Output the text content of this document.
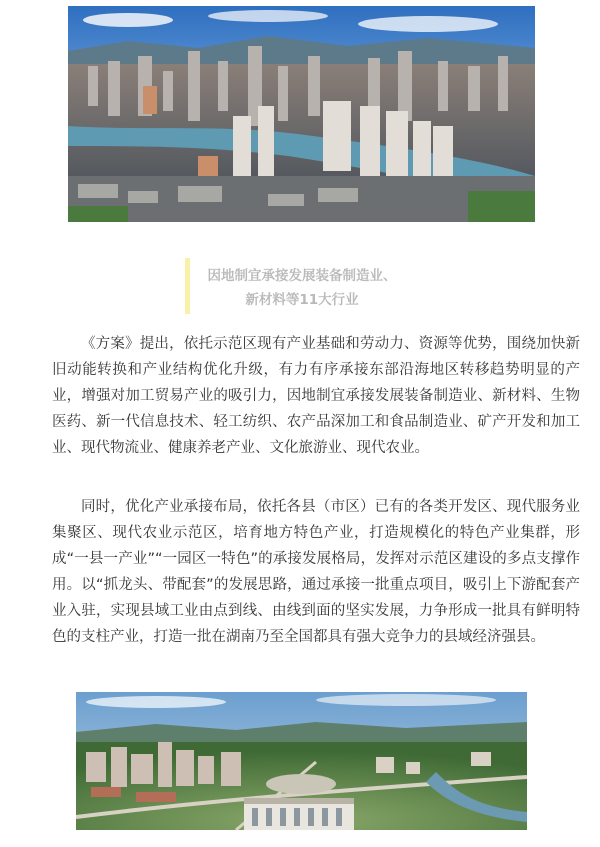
因地制宜承接发展装备制造业、
新材料等11大行业

《方案》提出，依托示范区现有产业基础和劳动力、资源等优势，围绕加快新旧动能转换和产业结构优化升级，有力有序承接东部沿海地区转移趋势明显的产业，增强对加工贸易产业的吸引力，因地制宜承接发展装备制造业、新材料、生物医药、新一代信息技术、轻工纺织、农产品深加工和食品制造业、矿产开发和加工业、现代物流业、健康养老产业、文化旅游业、现代农业。

同时，优化产业承接布局，依托各县（市区）已有的各类开发区、现代服务业集聚区、现代农业示范区，培育地方特色产业，打造规模化的特色产业集群，形成“一县一产业”“一园区一特色”的承接发展格局，发挥对示范区建设的多点支撑作用。以“抓龙头、带配套”的发展思路，通过承接一批重点项目，吸引上下游配套产业入驻，实现县域工业由点到线、由线到面的坚实发展，力争形成一批具有鲜明特色的支柱产业，打造一批在湖南乃至全国都具有强大竞争力的县域经济强县。
